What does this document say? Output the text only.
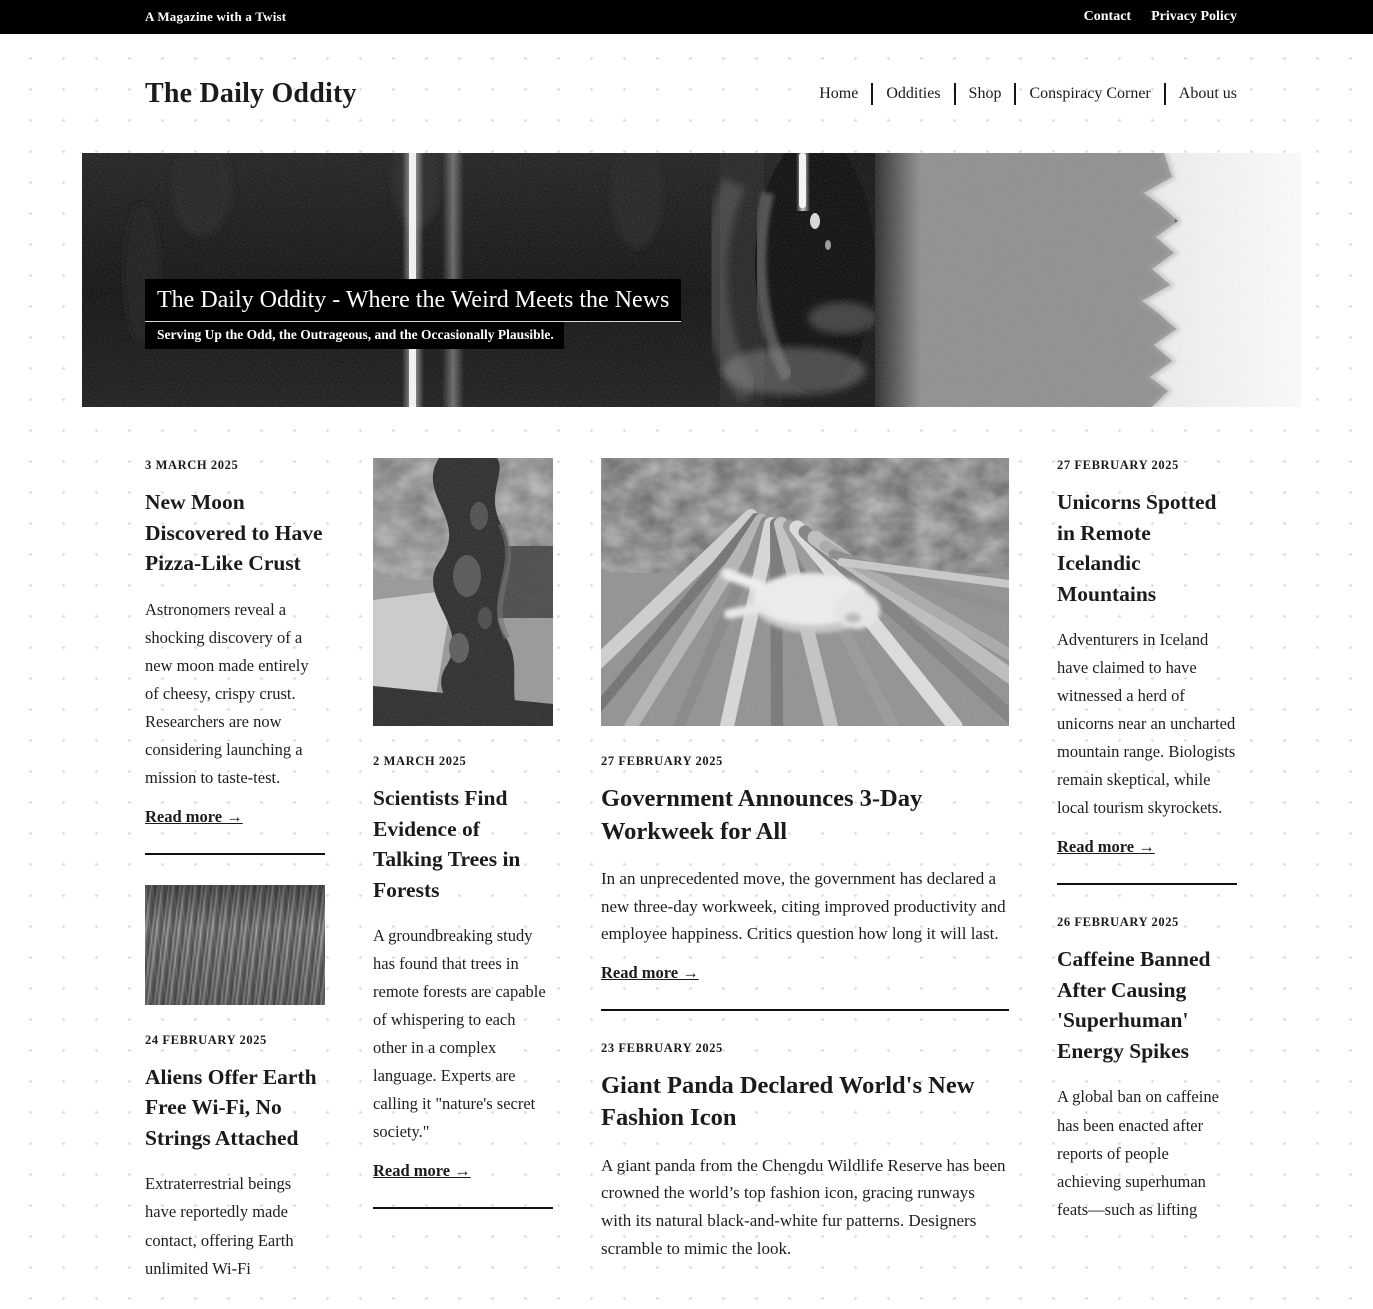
A Magazine with a Twist	Contact Privacy Policy
The Daily Oddity	Home	Oddities	Shop	Conspiracy Corner	About us
The Daily Oddity - Where the Weird Meets the News
Serving Up the Odd, the Outrageous, and the Occasionally Plausible.
3 MARCH 2025
New Moon Discovered to Have Pizza-Like Crust

Astronomers reveal a shocking discovery of a new moon made entirely of cheesy, crispy crust. Researchers are now considering launching a mission to taste-test.

Read more →
24 FEBRUARY 2025
Aliens Offer Earth Free Wi-Fi, No Strings Attached

Extraterrestrial beings have reportedly made contact, offering Earth unlimited Wi-Fi

2 MARCH 2025
Scientists Find Evidence of Talking Trees in Forests

A groundbreaking study has found that trees in remote forests are capable of whispering to each other in a complex language. Experts are calling it "nature's secret society."

Read more →
27 FEBRUARY 2025
Government Announces 3-Day Workweek for All

In an unprecedented move, the government has declared a new three-day workweek, citing improved productivity and employee happiness. Critics question how long it will last.

Read more →
23 FEBRUARY 2025
Giant Panda Declared World's New Fashion Icon

A giant panda from the Chengdu Wildlife Reserve has been crowned the world’s top fashion icon, gracing runways with its natural black-and-white fur patterns. Designers scramble to mimic the look.

27 FEBRUARY 2025
Unicorns Spotted in Remote Icelandic Mountains

Adventurers in Iceland have claimed to have witnessed a herd of unicorns near an uncharted mountain range. Biologists remain skeptical, while local tourism skyrockets.

Read more →
26 FEBRUARY 2025
Caffeine Banned After Causing 'Superhuman' Energy Spikes

A global ban on caffeine has been enacted after reports of people achieving superhuman feats—such as lifting
